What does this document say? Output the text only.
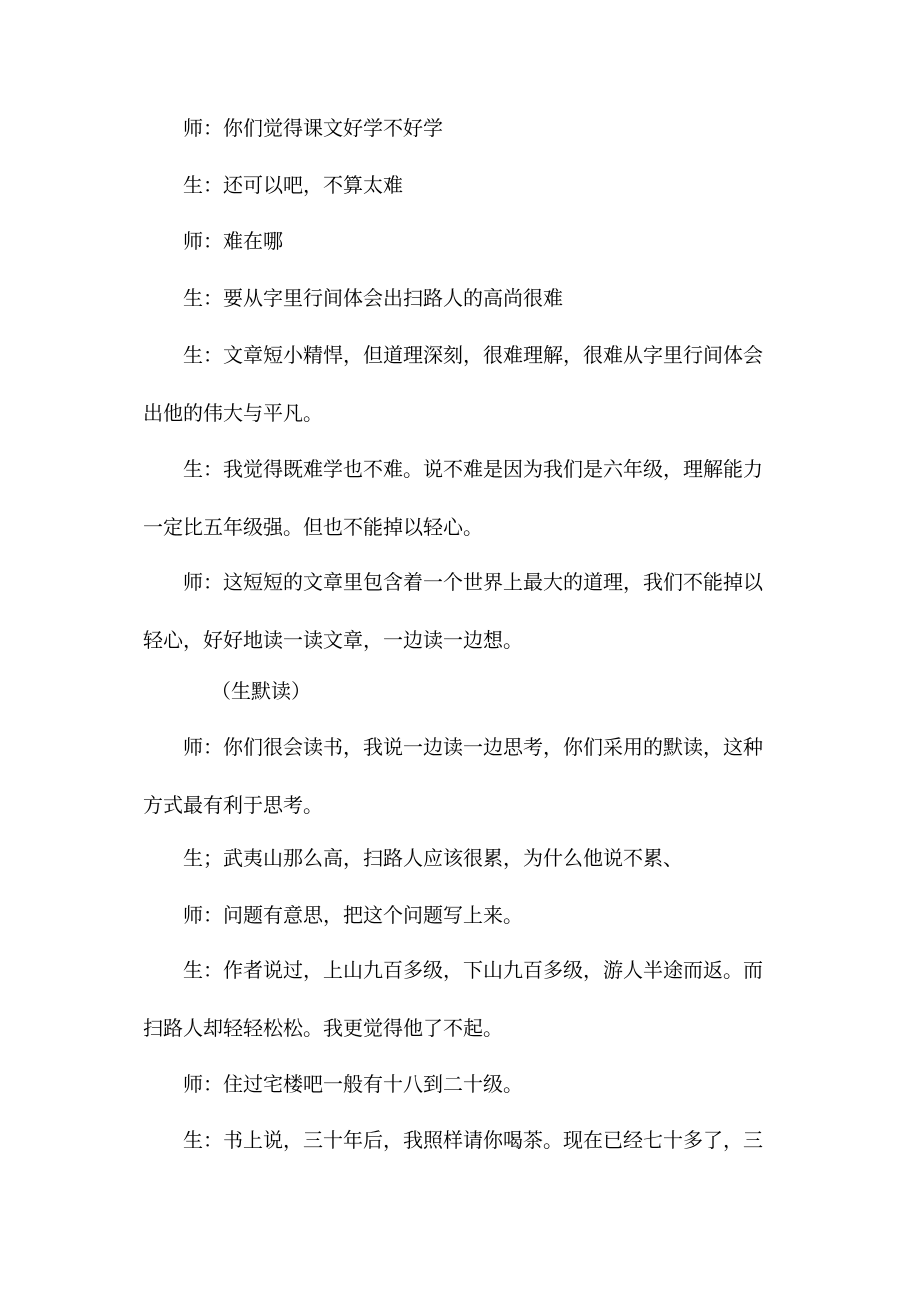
师：你们觉得课文好学不好学

生：还可以吧，不算太难

师：难在哪

生：要从字里行间体会出扫路人的高尚很难

生：文章短小精悍，但道理深刻，很难理解，很难从字里行间体会出他的伟大与平凡。

生：我觉得既难学也不难。说不难是因为我们是六年级，理解能力一定比五年级强。但也不能掉以轻心。

师：这短短的文章里包含着一个世界上最大的道理，我们不能掉以轻心，好好地读一读文章，一边读一边想。

（生默读）

师：你们很会读书，我说一边读一边思考，你们采用的默读，这种方式最有利于思考。

生；武夷山那么高，扫路人应该很累，为什么他说不累、

师：问题有意思，把这个问题写上来。

生：作者说过，上山九百多级，下山九百多级，游人半途而返。而扫路人却轻轻松松。我更觉得他了不起。

师：住过宅楼吧一般有十八到二十级。

生：书上说，三十年后，我照样请你喝茶。现在已经七十多了，三
